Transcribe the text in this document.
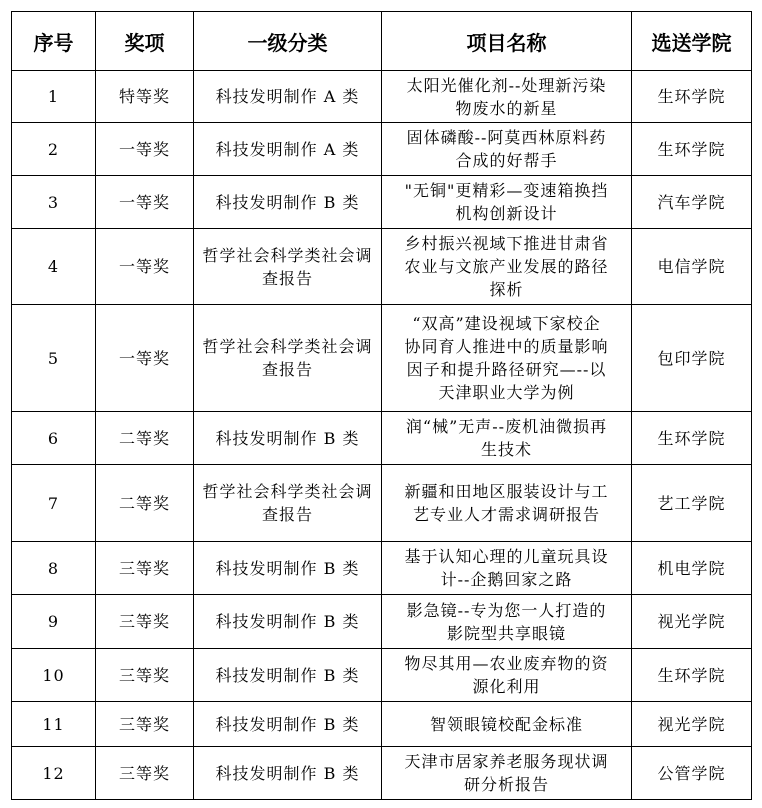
序号	奖项	一级分类	项目名称	选送学院
1	特等奖	科技发明制作 A 类	太阳光催化剂--处理新污染物废水的新星	生环学院
2	一等奖	科技发明制作 A 类	固体磷酸--阿莫西林原料药合成的好帮手	生环学院
3	一等奖	科技发明制作 B 类	"无铜"更精彩—变速箱换挡机构创新设计	汽车学院
4	一等奖	哲学社会科学类社会调查报告	乡村振兴视域下推进甘肃省农业与文旅产业发展的路径探析	电信学院
5	一等奖	哲学社会科学类社会调查报告	“双高”建设视域下家校企协同育人推进中的质量影响因子和提升路径研究—--以天津职业大学为例	包印学院
6	二等奖	科技发明制作 B 类	润“械”无声--废机油微损再生技术	生环学院
7	二等奖	哲学社会科学类社会调查报告	新疆和田地区服装设计与工艺专业人才需求调研报告	艺工学院
8	三等奖	科技发明制作 B 类	基于认知心理的儿童玩具设计--企鹅回家之路	机电学院
9	三等奖	科技发明制作 B 类	影急镜--专为您一人打造的影院型共享眼镜	视光学院
10	三等奖	科技发明制作 B 类	物尽其用—农业废弃物的资源化利用	生环学院
11	三等奖	科技发明制作 B 类	智领眼镜校配金标准	视光学院
12	三等奖	科技发明制作 B 类	天津市居家养老服务现状调研分析报告	公管学院
